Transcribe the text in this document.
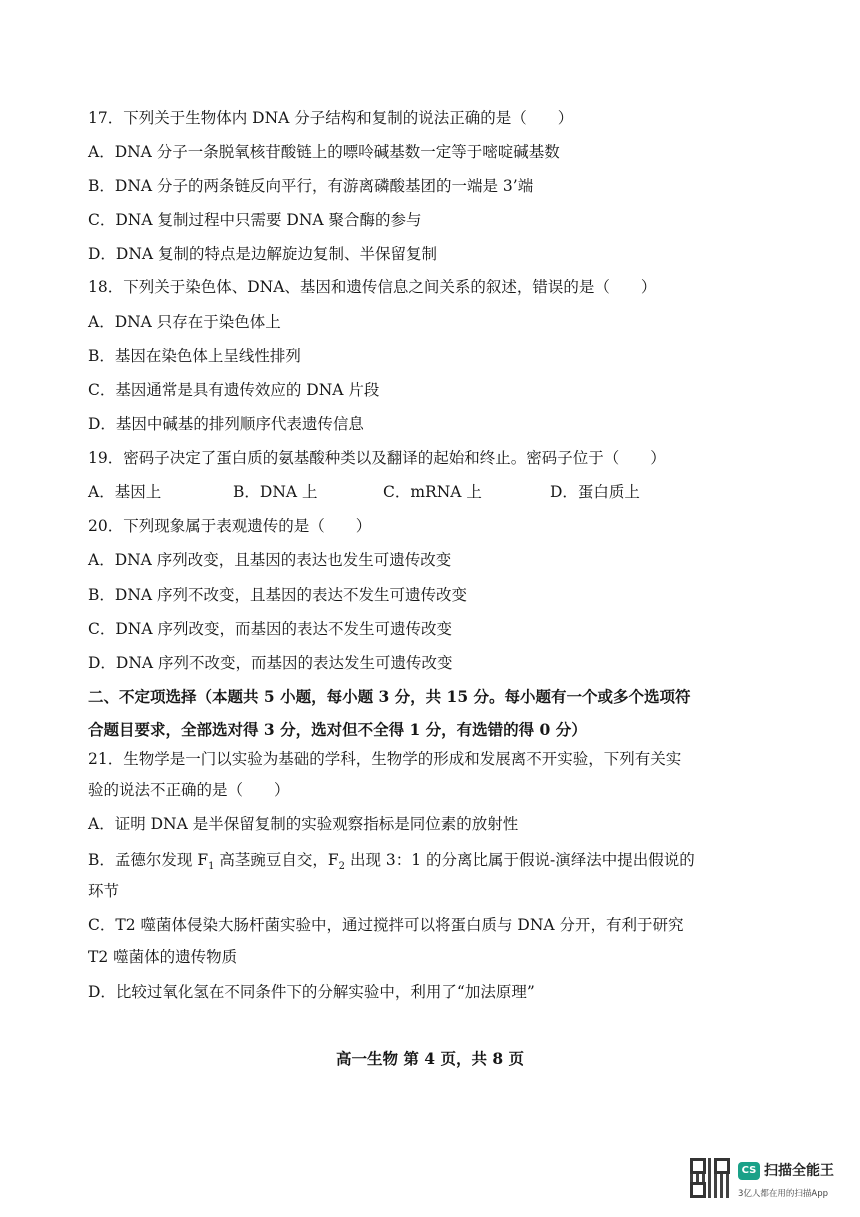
17．下列关于生物体内 DNA 分子结构和复制的说法正确的是（　　）
A．DNA 分子一条脱氧核苷酸链上的嘌呤碱基数一定等于嘧啶碱基数
B．DNA 分子的两条链反向平行，有游离磷酸基团的一端是 3’端
C．DNA 复制过程中只需要 DNA 聚合酶的参与
D．DNA 复制的特点是边解旋边复制、半保留复制
18．下列关于染色体、DNA、基因和遗传信息之间关系的叙述，错误的是（　　）
A．DNA 只存在于染色体上
B．基因在染色体上呈线性排列
C．基因通常是具有遗传效应的 DNA 片段
D．基因中碱基的排列顺序代表遗传信息
19．密码子决定了蛋白质的氨基酸种类以及翻译的起始和终止。密码子位于（　　）
A．基因上	B．DNA 上	C．mRNA 上	D．蛋白质上
20．下列现象属于表观遗传的是（　　）
A．DNA 序列改变，且基因的表达也发生可遗传改变
B．DNA 序列不改变，且基因的表达不发生可遗传改变
C．DNA 序列改变，而基因的表达不发生可遗传改变
D．DNA 序列不改变，而基因的表达发生可遗传改变
二、不定项选择（本题共 5 小题，每小题 3 分，共 15 分。每小题有一个或多个选项符
合题目要求，全部选对得 3 分，选对但不全得 1 分，有选错的得 0 分）
21．生物学是一门以实验为基础的学科，生物学的形成和发展离不开实验，下列有关实
验的说法不正确的是（　　）
A．证明 DNA 是半保留复制的实验观察指标是同位素的放射性
B．孟德尔发现 $F_1$ 高茎豌豆自交，$F_2$ 出现 3：1 的分离比属于假说-演绎法中提出假说的
环节
C．T2 噬菌体侵染大肠杆菌实验中，通过搅拌可以将蛋白质与 DNA 分开，有利于研究
T2 噬菌体的遗传物质
D．比较过氧化氢在不同条件下的分解实验中，利用了“加法原理”
高一生物 第 4 页，共 8 页
CS 扫描全能王
3亿人都在用的扫描App
